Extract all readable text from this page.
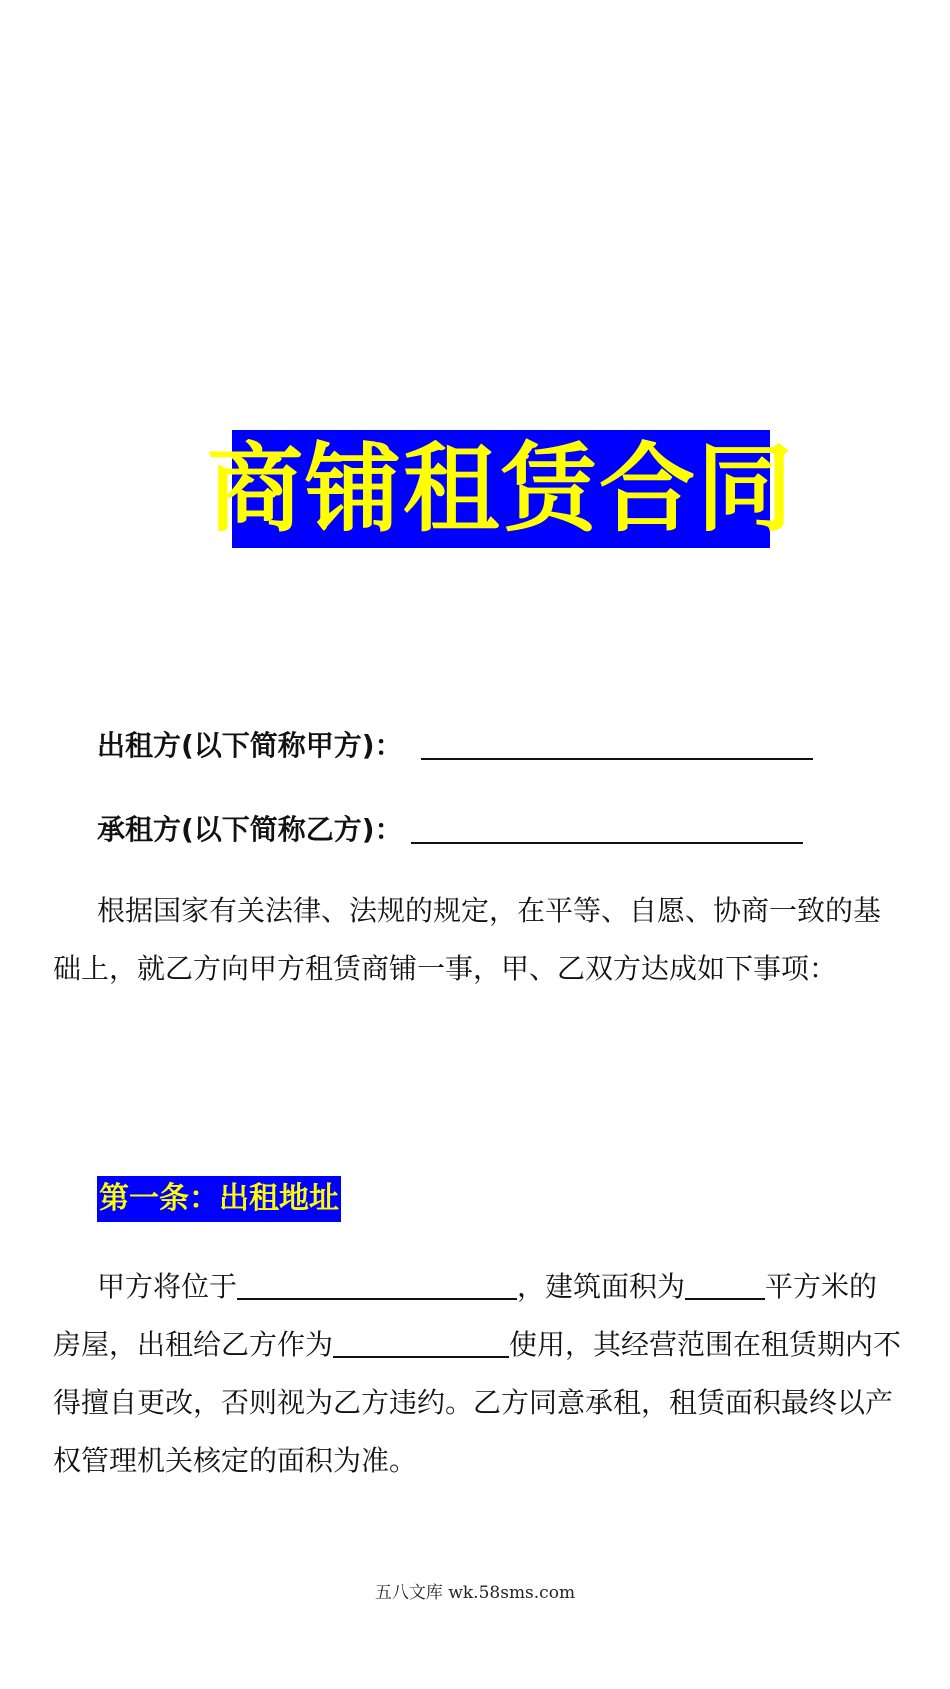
商铺租赁合同
出租方(以下简称甲方)：
承租方(以下简称乙方)：
根据国家有关法律、法规的规定，在平等、自愿、协商一致的基础上，就乙方向甲方租赁商铺一事，甲、乙双方达成如下事项：
第一条：出租地址
甲方将位于	，建筑面积为	平方米的房屋，出租给乙方作为	使用，其经营范围在租赁期内不得擅自更改，否则视为乙方违约。乙方同意承租，租赁面积最终以产权管理机关核定的面积为准。
五八文库 wk.58sms.com
